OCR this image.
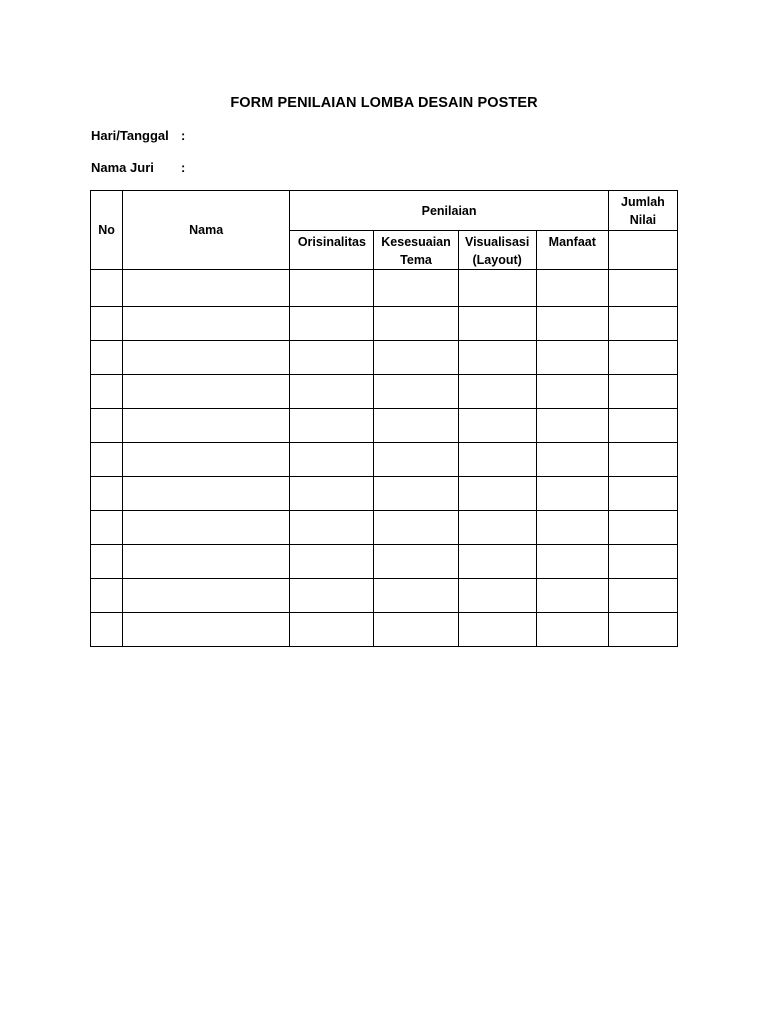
FORM PENILAIAN LOMBA DESAIN POSTER
Hari/Tanggal :
Nama Juri :
No	Nama	Penilaian				Jumlah Nilai
		Orisinalitas	Kesesuaian Tema	Visualisasi (Layout)	Manfaat	
